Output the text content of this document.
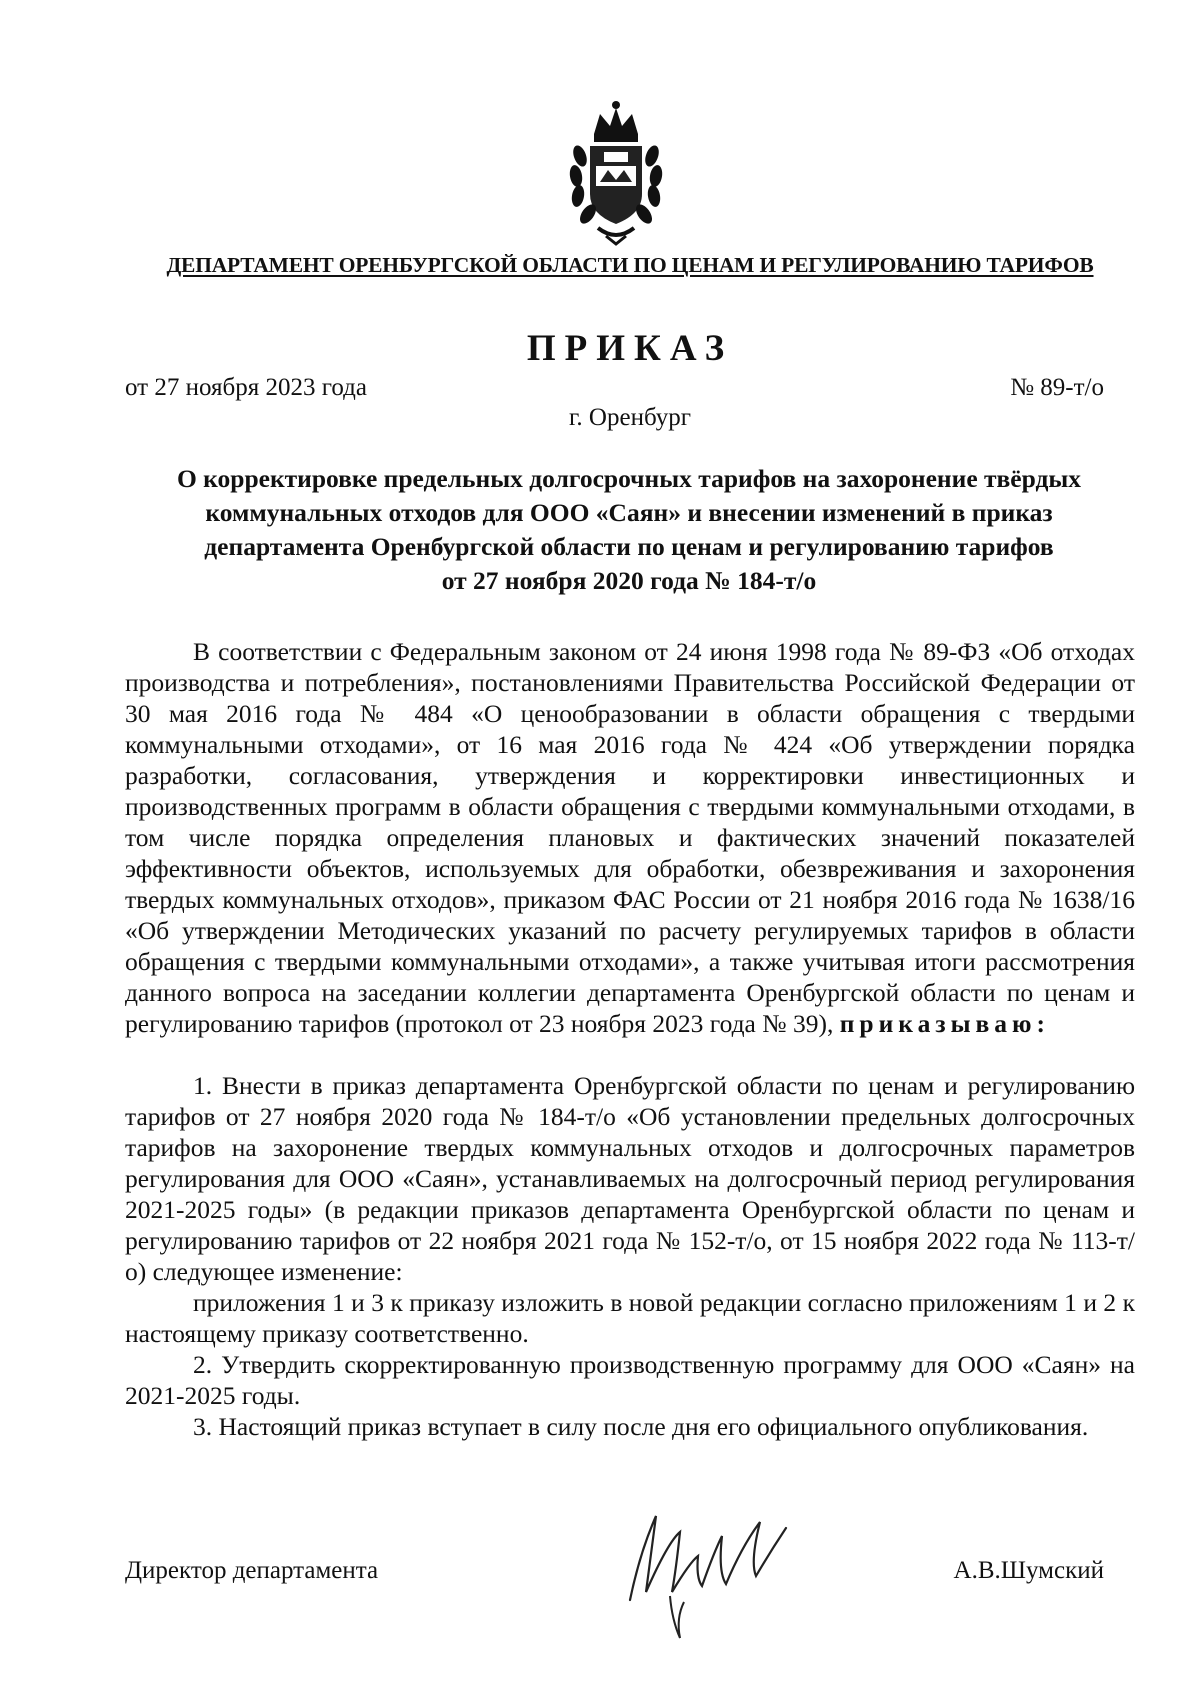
ДЕПАРТАМЕНТ ОРЕНБУРГСКОЙ ОБЛАСТИ ПО ЦЕНАМ И РЕГУЛИРОВАНИЮ ТАРИФОВ
ПРИКАЗ
от 27 ноября 2023 года	№ 89-т/о
г. Оренбург
О корректировке предельных долгосрочных тарифов на захоронение твёрдых
коммунальных отходов для ООО «Саян» и внесении изменений в приказ
департамента Оренбургской области по ценам и регулированию тарифов
от 27 ноября 2020 года № 184-т/о

В соответствии с Федеральным законом от 24 июня 1998 года № 89-ФЗ «Об отходах производства и потребления», постановлениями Правительства Российской Федерации от 30 мая 2016 года № 484 «О ценообразовании в области обращения с твердыми коммунальными отходами», от 16 мая 2016 года № 424 «Об утверждении порядка разработки, согласования, утверждения и корректировки инвестиционных и производственных программ в области обращения с твердыми коммунальными отходами, в том числе порядка определения плановых и фактических значений показателей эффективности объектов, используемых для обработки, обезвреживания и захоронения твердых коммунальных отходов», приказом ФАС России от 21 ноября 2016 года № 1638/16 «Об утверждении Методических указаний по расчету регулируемых тарифов в области обращения с твердыми коммунальными отходами», а также учитывая итоги рассмотрения данного вопроса на заседании коллегии департамента Оренбургской области по ценам и регулированию тарифов (протокол от 23 ноября 2023 года № 39), приказываю:

1. Внести в приказ департамента Оренбургской области по ценам и регулированию тарифов от 27 ноября 2020 года № 184-т/о «Об установлении предельных долгосрочных тарифов на захоронение твердых коммунальных отходов и долгосрочных параметров регулирования для ООО «Саян», устанавливаемых на долгосрочный период регулирования 2021-2025 годы» (в редакции приказов департамента Оренбургской области по ценам и регулированию тарифов от 22 ноября 2021 года № 152-т/о, от 15 ноября 2022 года № 113-т/о) следующее изменение:

приложения 1 и 3 к приказу изложить в новой редакции согласно приложениям 1 и 2 к настоящему приказу соответственно.

2. Утвердить скорректированную производственную программу для ООО «Саян» на 2021-2025 годы.

3. Настоящий приказ вступает в силу после дня его официального опубликования.

Директор департамента	А.В.Шумский
